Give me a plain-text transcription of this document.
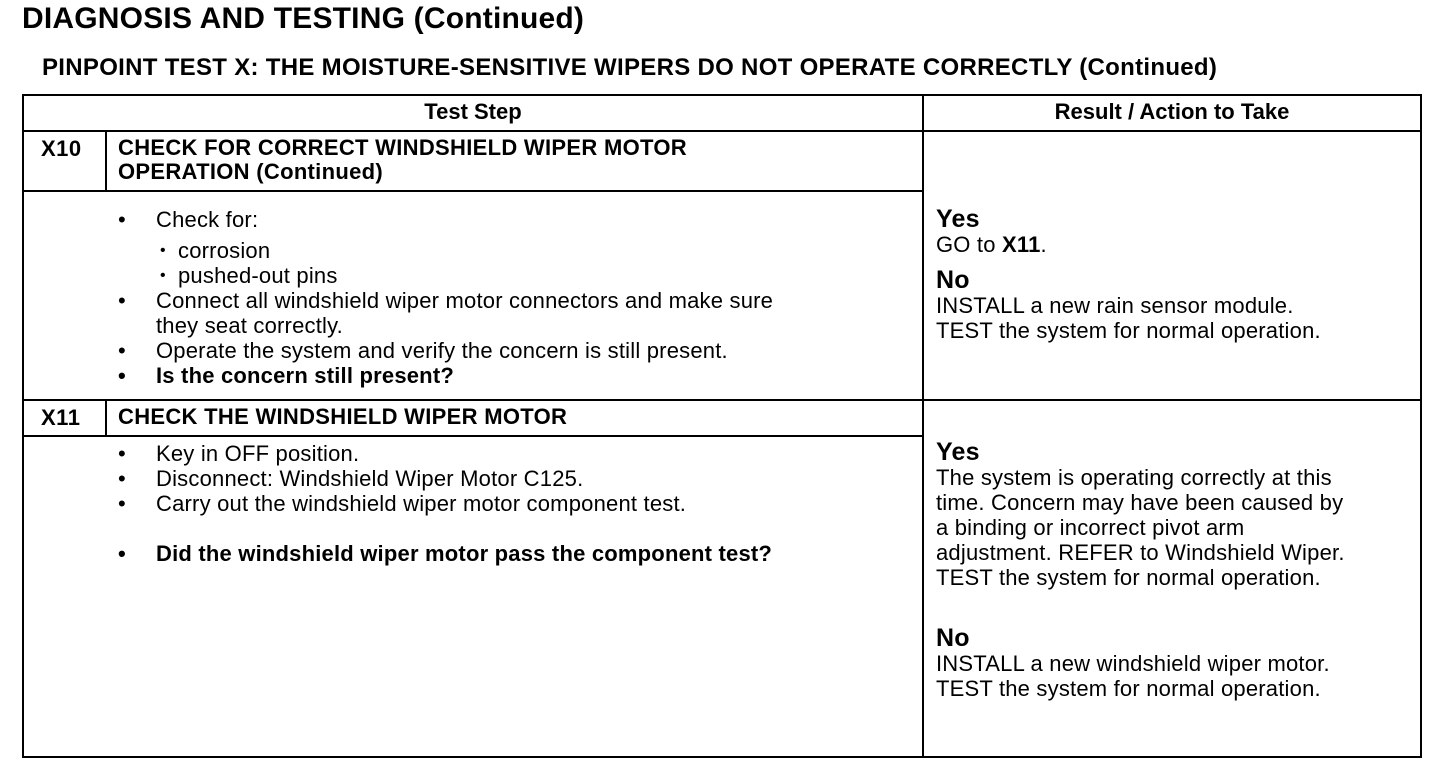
DIAGNOSIS AND TESTING (Continued)
PINPOINT TEST X: THE MOISTURE-SENSITIVE WIPERS DO NOT OPERATE CORRECTLY (Continued)
Test Step	Result / Action to Take
X10 CHECK FOR CORRECT WINDSHIELD WIPER MOTOR
OPERATION (Continued)
• Check for:
• corrosion
• pushed-out pins
• Connect all windshield wiper motor connectors and make sure
they seat correctly.
• Operate the system and verify the concern is still present.
• Is the concern still present?
Yes
GO to X11.
No
INSTALL a new rain sensor module.
TEST the system for normal operation.
X11 CHECK THE WINDSHIELD WIPER MOTOR
• Key in OFF position.
• Disconnect: Windshield Wiper Motor C125.
• Carry out the windshield wiper motor component test.
• Did the windshield wiper motor pass the component test?
Yes
The system is operating correctly at this
time. Concern may have been caused by
a binding or incorrect pivot arm
adjustment. REFER to Windshield Wiper.
TEST the system for normal operation.
No
INSTALL a new windshield wiper motor.
TEST the system for normal operation.
